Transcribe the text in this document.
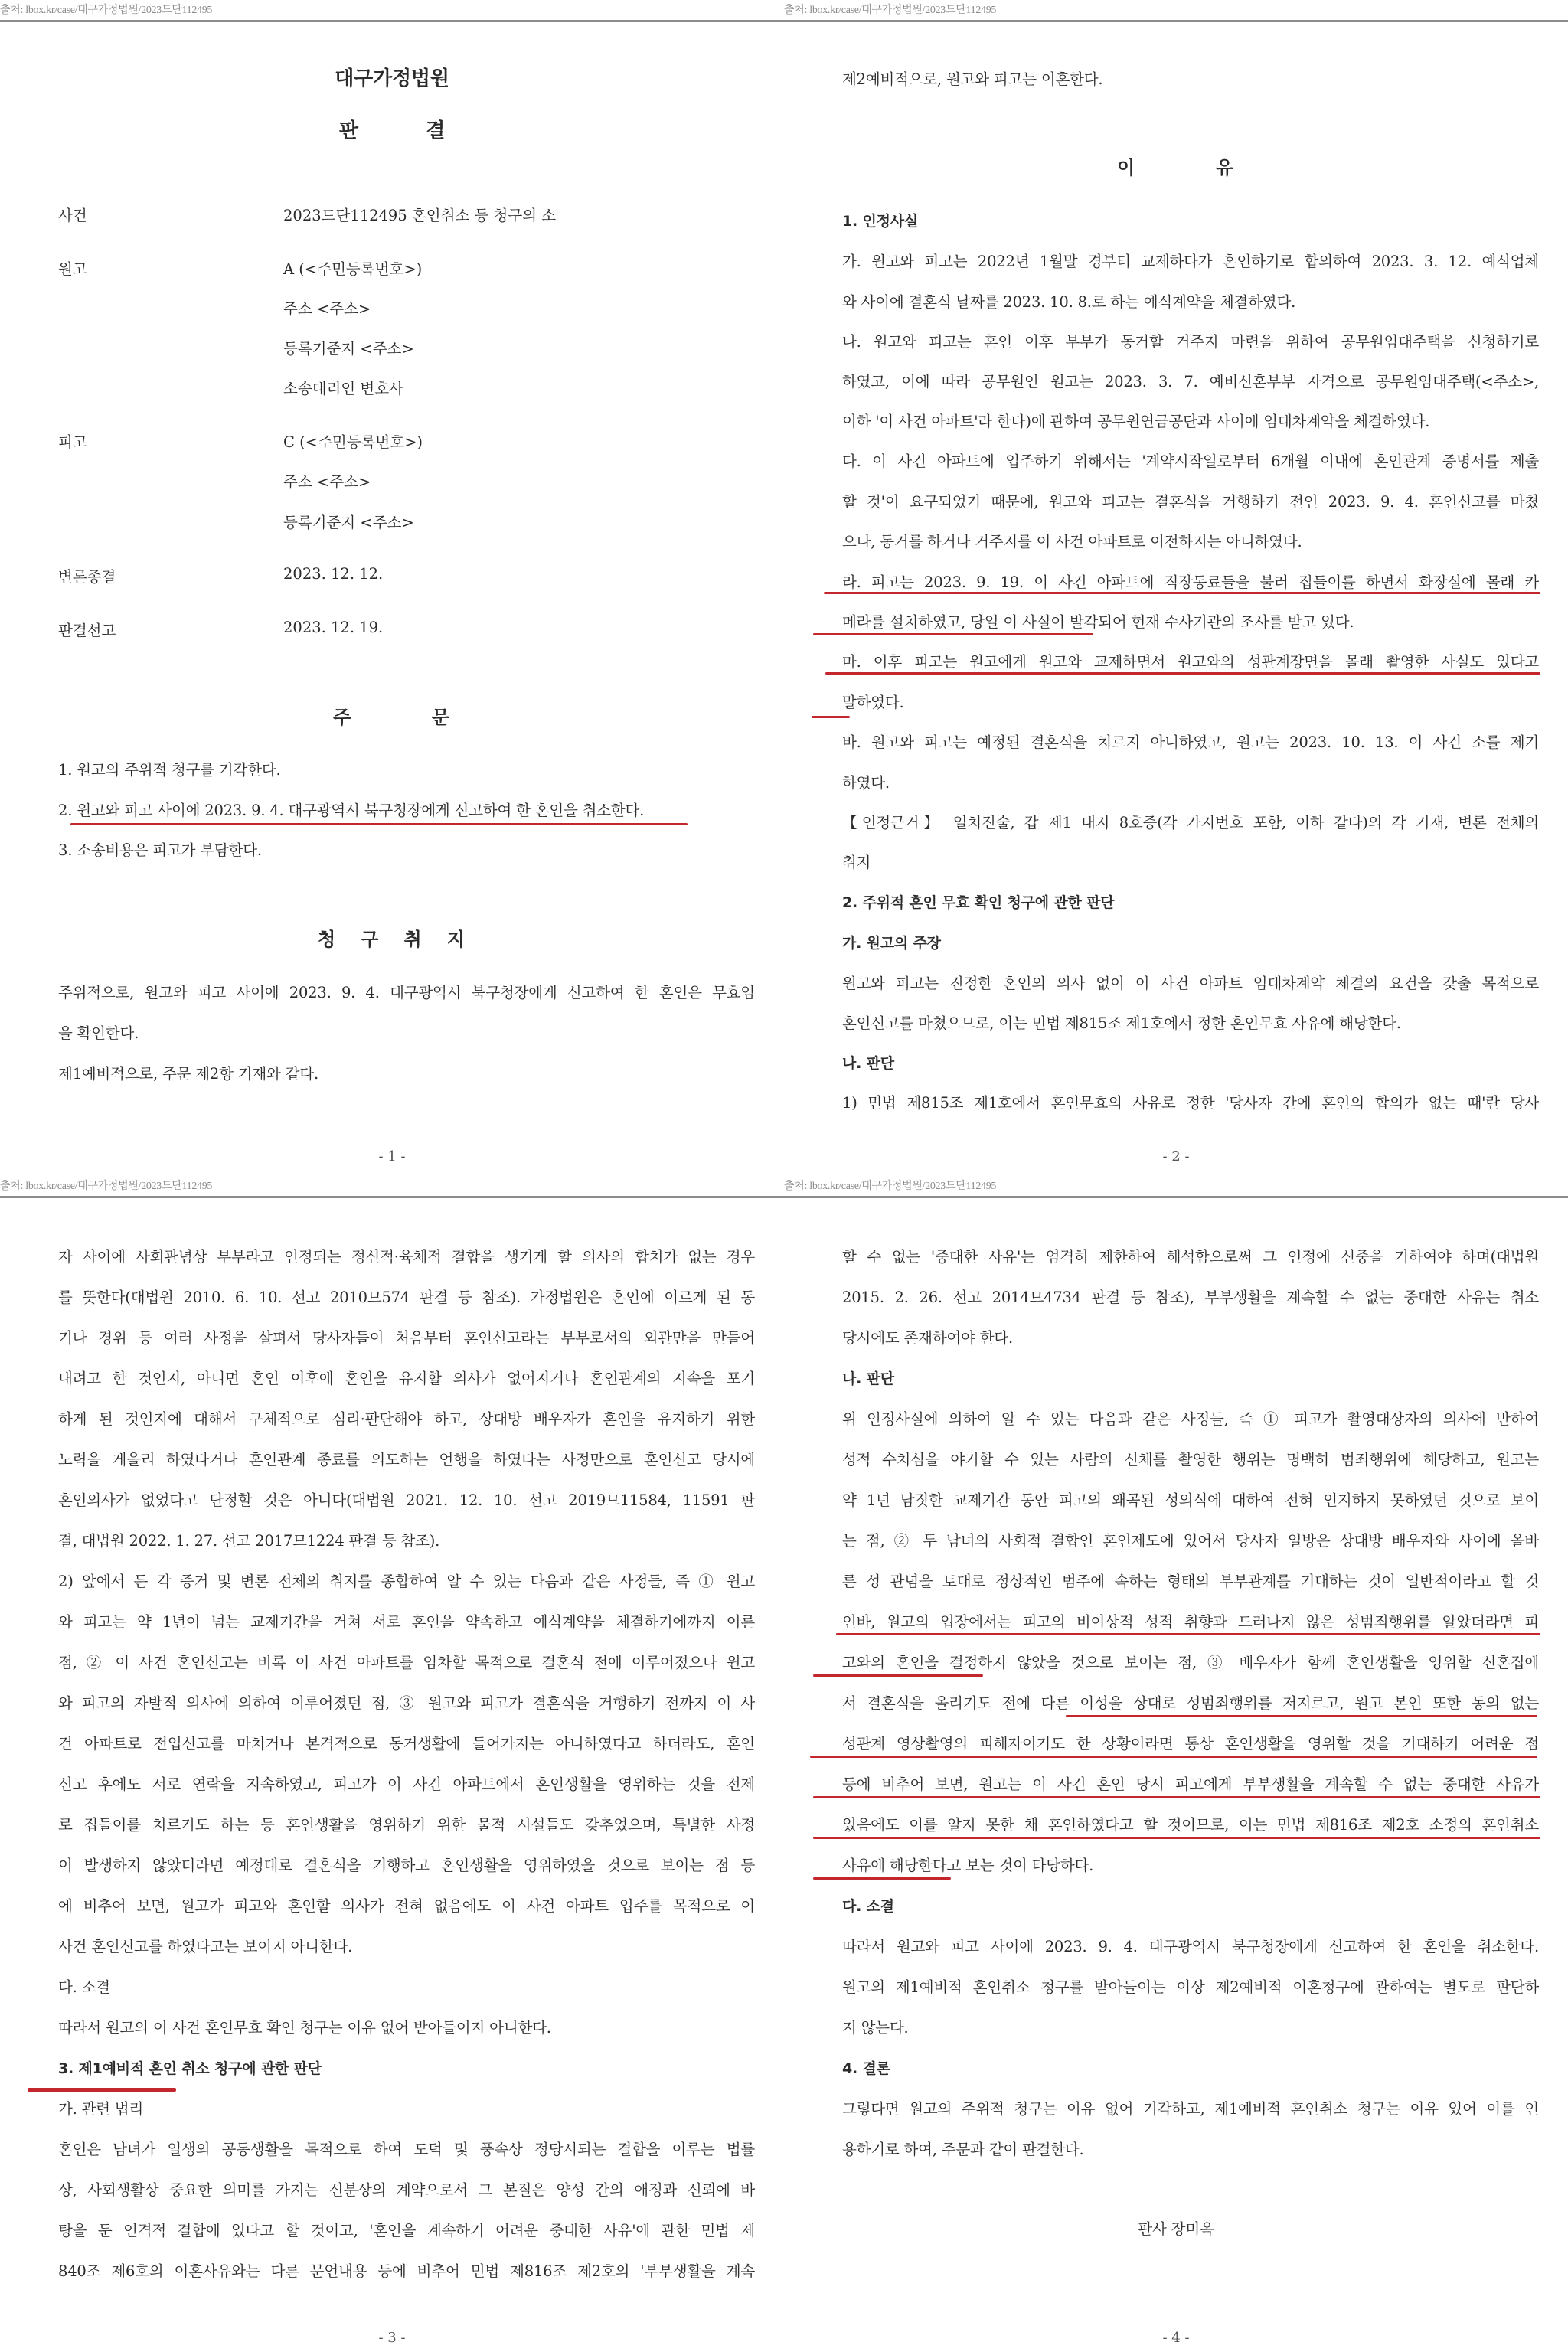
출처: lbox.kr/case/대구가정법원/2023드단112495
대구가정법원
판          결
사건	2023드단112495 혼인취소 등 청구의 소
원고	A (<주민등록번호>)
주소 <주소>
등록기준지 <주소>
소송대리인 변호사
피고	C (<주민등록번호>)
주소 <주소>
등록기준지 <주소>
변론종결	2023. 12. 12.
판결선고	2023. 12. 19.
주          문
1. 원고의 주위적 청구를 기각한다.
2. 원고와 피고 사이에 2023. 9. 4. 대구광역시 북구청장에게 신고하여 한 혼인을 취소한다.
3. 소송비용은 피고가 부담한다.
청   구   취   지
주위적으로, 원고와 피고 사이에 2023. 9. 4. 대구광역시 북구청장에게 신고하여 한 혼인은 무효임
을 확인한다.
제1예비적으로, 주문 제2항 기재와 같다.
- 1 -
출처: lbox.kr/case/대구가정법원/2023드단112495
제2예비적으로, 원고와 피고는 이혼한다.
이          유
1. 인정사실
가. 원고와 피고는 2022년 1월말 경부터 교제하다가 혼인하기로 합의하여 2023. 3. 12. 예식업체
와 사이에 결혼식 날짜를 2023. 10. 8.로 하는 예식계약을 체결하였다.
나. 원고와 피고는 혼인 이후 부부가 동거할 거주지 마련을 위하여 공무원임대주택을 신청하기로
하였고, 이에 따라 공무원인 원고는 2023. 3. 7. 예비신혼부부 자격으로 공무원임대주택(<주소>,
이하 '이 사건 아파트'라 한다)에 관하여 공무원연금공단과 사이에 임대차계약을 체결하였다.
다. 이 사건 아파트에 입주하기 위해서는 '계약시작일로부터 6개월 이내에 혼인관계 증명서를 제출
할 것'이 요구되었기 때문에, 원고와 피고는 결혼식을 거행하기 전인 2023. 9. 4. 혼인신고를 마쳤
으나, 동거를 하거나 거주지를 이 사건 아파트로 이전하지는 아니하였다.
라. 피고는 2023. 9. 19. 이 사건 아파트에 직장동료들을 불러 집들이를 하면서 화장실에 몰래 카
메라를 설치하였고, 당일 이 사실이 발각되어 현재 수사기관의 조사를 받고 있다.
마. 이후 피고는 원고에게 원고와 교제하면서 원고와의 성관계장면을 몰래 촬영한 사실도 있다고
말하였다.
바. 원고와 피고는 예정된 결혼식을 치르지 아니하였고, 원고는 2023. 10. 13. 이 사건 소를 제기
하였다.
【인정근거】 일치진술, 갑 제1 내지 8호증(각 가지번호 포함, 이하 같다)의 각 기재, 변론 전체의
취지
2. 주위적 혼인 무효 확인 청구에 관한 판단
가. 원고의 주장
원고와 피고는 진정한 혼인의 의사 없이 이 사건 아파트 임대차계약 체결의 요건을 갖출 목적으로
혼인신고를 마쳤으므로, 이는 민법 제815조 제1호에서 정한 혼인무효 사유에 해당한다.
나. 판단
1) 민법 제815조 제1호에서 혼인무효의 사유로 정한 '당사자 간에 혼인의 합의가 없는 때'란 당사
- 2 -
출처: lbox.kr/case/대구가정법원/2023드단112495
자 사이에 사회관념상 부부라고 인정되는 정신적·육체적 결합을 생기게 할 의사의 합치가 없는 경우
를 뜻한다(대법원 2010. 6. 10. 선고 2010므574 판결 등 참조). 가정법원은 혼인에 이르게 된 동
기나 경위 등 여러 사정을 살펴서 당사자들이 처음부터 혼인신고라는 부부로서의 외관만을 만들어
내려고 한 것인지, 아니면 혼인 이후에 혼인을 유지할 의사가 없어지거나 혼인관계의 지속을 포기
하게 된 것인지에 대해서 구체적으로 심리·판단해야 하고, 상대방 배우자가 혼인을 유지하기 위한
노력을 게을리 하였다거나 혼인관계 종료를 의도하는 언행을 하였다는 사정만으로 혼인신고 당시에
혼인의사가 없었다고 단정할 것은 아니다(대법원 2021. 12. 10. 선고 2019므11584, 11591 판
결, 대법원 2022. 1. 27. 선고 2017므1224 판결 등 참조).
2) 앞에서 든 각 증거 및 변론 전체의 취지를 종합하여 알 수 있는 다음과 같은 사정들, 즉 ① 원고
와 피고는 약 1년이 넘는 교제기간을 거쳐 서로 혼인을 약속하고 예식계약을 체결하기에까지 이른
점, ② 이 사건 혼인신고는 비록 이 사건 아파트를 임차할 목적으로 결혼식 전에 이루어졌으나 원고
와 피고의 자발적 의사에 의하여 이루어졌던 점, ③ 원고와 피고가 결혼식을 거행하기 전까지 이 사
건 아파트로 전입신고를 마치거나 본격적으로 동거생활에 들어가지는 아니하였다고 하더라도, 혼인
신고 후에도 서로 연락을 지속하였고, 피고가 이 사건 아파트에서 혼인생활을 영위하는 것을 전제
로 집들이를 치르기도 하는 등 혼인생활을 영위하기 위한 물적 시설들도 갖추었으며, 특별한 사정
이 발생하지 않았더라면 예정대로 결혼식을 거행하고 혼인생활을 영위하였을 것으로 보이는 점 등
에 비추어 보면, 원고가 피고와 혼인할 의사가 전혀 없음에도 이 사건 아파트 입주를 목적으로 이
사건 혼인신고를 하였다고는 보이지 아니한다.
다. 소결
따라서 원고의 이 사건 혼인무효 확인 청구는 이유 없어 받아들이지 아니한다.
3. 제1예비적 혼인 취소 청구에 관한 판단
가. 관련 법리
혼인은 남녀가 일생의 공동생활을 목적으로 하여 도덕 및 풍속상 정당시되는 결합을 이루는 법률
상, 사회생활상 중요한 의미를 가지는 신분상의 계약으로서 그 본질은 양성 간의 애정과 신뢰에 바
탕을 둔 인격적 결합에 있다고 할 것이고, '혼인을 계속하기 어려운 중대한 사유'에 관한 민법 제
840조 제6호의 이혼사유와는 다른 문언내용 등에 비추어 민법 제816조 제2호의 '부부생활을 계속
- 3 -
출처: lbox.kr/case/대구가정법원/2023드단112495
할 수 없는 '중대한 사유'는 엄격히 제한하여 해석함으로써 그 인정에 신중을 기하여야 하며(대법원
2015. 2. 26. 선고 2014므4734 판결 등 참조), 부부생활을 계속할 수 없는 중대한 사유는 취소
당시에도 존재하여야 한다.
나. 판단
위 인정사실에 의하여 알 수 있는 다음과 같은 사정들, 즉 ① 피고가 촬영대상자의 의사에 반하여
성적 수치심을 야기할 수 있는 사람의 신체를 촬영한 행위는 명백히 범죄행위에 해당하고, 원고는
약 1년 남짓한 교제기간 동안 피고의 왜곡된 성의식에 대하여 전혀 인지하지 못하였던 것으로 보이
는 점, ② 두 남녀의 사회적 결합인 혼인제도에 있어서 당사자 일방은 상대방 배우자와 사이에 올바
른 성 관념을 토대로 정상적인 범주에 속하는 형태의 부부관계를 기대하는 것이 일반적이라고 할 것
인바, 원고의 입장에서는 피고의 비이상적 성적 취향과 드러나지 않은 성범죄행위를 알았더라면 피
고와의 혼인을 결정하지 않았을 것으로 보이는 점, ③ 배우자가 함께 혼인생활을 영위할 신혼집에
서 결혼식을 올리기도 전에 다른 이성을 상대로 성범죄행위를 저지르고, 원고 본인 또한 동의 없는
성관계 영상촬영의 피해자이기도 한 상황이라면 통상 혼인생활을 영위할 것을 기대하기 어려운 점
등에 비추어 보면, 원고는 이 사건 혼인 당시 피고에게 부부생활을 계속할 수 없는 중대한 사유가
있음에도 이를 알지 못한 채 혼인하였다고 할 것이므로, 이는 민법 제816조 제2호 소정의 혼인취소
사유에 해당한다고 보는 것이 타당하다.
다. 소결
따라서 원고와 피고 사이에 2023. 9. 4. 대구광역시 북구청장에게 신고하여 한 혼인을 취소한다.
원고의 제1예비적 혼인취소 청구를 받아들이는 이상 제2예비적 이혼청구에 관하여는 별도로 판단하
지 않는다.
4. 결론
그렇다면 원고의 주위적 청구는 이유 없어 기각하고, 제1예비적 혼인취소 청구는 이유 있어 이를 인
용하기로 하여, 주문과 같이 판결한다.
판사 장미옥
- 4 -
